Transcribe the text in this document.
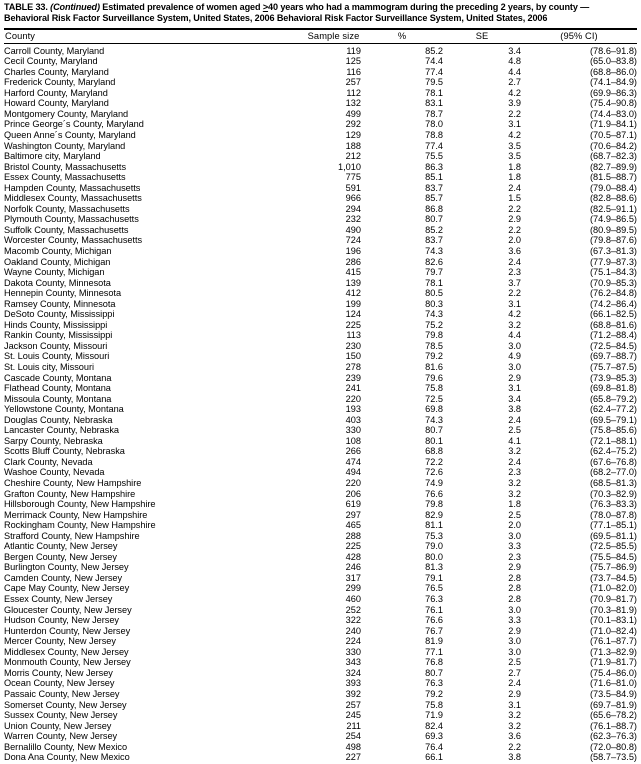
TABLE 33. (Continued) Estimated prevalence of women aged ≥40 years who had a mammogram during the preceding 2 years, by county — Behavioral Risk Factor Surveillance System, United States, 2006 Behavioral Risk Factor Surveillance System, United States, 2006
County	Sample size	%	SE	(95% CI)
Carroll County, Maryland	119	85.2	3.4	(78.6–91.8)
Cecil County, Maryland	125	74.4	4.8	(65.0–83.8)
Charles County, Maryland	116	77.4	4.4	(68.8–86.0)
Frederick County, Maryland	257	79.5	2.7	(74.1–84.9)
Harford County, Maryland	112	78.1	4.2	(69.9–86.3)
Howard County, Maryland	132	83.1	3.9	(75.4–90.8)
Montgomery County, Maryland	499	78.7	2.2	(74.4–83.0)
Prince George´s County, Maryland	292	78.0	3.1	(71.9–84.1)
Queen Anne´s County, Maryland	129	78.8	4.2	(70.5–87.1)
Washington County, Maryland	188	77.4	3.5	(70.6–84.2)
Baltimore city, Maryland	212	75.5	3.5	(68.7–82.3)
Bristol County, Massachusetts	1,010	86.3	1.8	(82.7–89.9)
Essex County, Massachusetts	775	85.1	1.8	(81.5–88.7)
Hampden County, Massachusetts	591	83.7	2.4	(79.0–88.4)
Middlesex County, Massachusetts	966	85.7	1.5	(82.8–88.6)
Norfolk County, Massachusetts	294	86.8	2.2	(82.5–91.1)
Plymouth County, Massachusetts	232	80.7	2.9	(74.9–86.5)
Suffolk County, Massachusetts	490	85.2	2.2	(80.9–89.5)
Worcester County, Massachusetts	724	83.7	2.0	(79.8–87.6)
Macomb County, Michigan	196	74.3	3.6	(67.3–81.3)
Oakland County, Michigan	286	82.6	2.4	(77.9–87.3)
Wayne County, Michigan	415	79.7	2.3	(75.1–84.3)
Dakota County, Minnesota	139	78.1	3.7	(70.9–85.3)
Hennepin County, Minnesota	412	80.5	2.2	(76.2–84.8)
Ramsey County, Minnesota	199	80.3	3.1	(74.2–86.4)
DeSoto County, Mississippi	124	74.3	4.2	(66.1–82.5)
Hinds County, Mississippi	225	75.2	3.2	(68.8–81.6)
Rankin County, Mississippi	113	79.8	4.4	(71.2–88.4)
Jackson County, Missouri	230	78.5	3.0	(72.5–84.5)
St. Louis County, Missouri	150	79.2	4.9	(69.7–88.7)
St. Louis city, Missouri	278	81.6	3.0	(75.7–87.5)
Cascade County, Montana	239	79.6	2.9	(73.9–85.3)
Flathead County, Montana	241	75.8	3.1	(69.8–81.8)
Missoula County, Montana	220	72.5	3.4	(65.8–79.2)
Yellowstone County, Montana	193	69.8	3.8	(62.4–77.2)
Douglas County, Nebraska	403	74.3	2.4	(69.5–79.1)
Lancaster County, Nebraska	330	80.7	2.5	(75.8–85.6)
Sarpy County, Nebraska	108	80.1	4.1	(72.1–88.1)
Scotts Bluff County, Nebraska	266	68.8	3.2	(62.4–75.2)
Clark County, Nevada	474	72.2	2.4	(67.6–76.8)
Washoe County, Nevada	494	72.6	2.3	(68.2–77.0)
Cheshire County, New Hampshire	220	74.9	3.2	(68.5–81.3)
Grafton County, New Hampshire	206	76.6	3.2	(70.3–82.9)
Hillsborough County, New Hampshire	619	79.8	1.8	(76.3–83.3)
Merrimack County, New Hampshire	297	82.9	2.5	(78.0–87.8)
Rockingham County, New Hampshire	465	81.1	2.0	(77.1–85.1)
Strafford County, New Hampshire	288	75.3	3.0	(69.5–81.1)
Atlantic County, New Jersey	225	79.0	3.3	(72.5–85.5)
Bergen County, New Jersey	428	80.0	2.3	(75.5–84.5)
Burlington County, New Jersey	246	81.3	2.9	(75.7–86.9)
Camden County, New Jersey	317	79.1	2.8	(73.7–84.5)
Cape May County, New Jersey	299	76.5	2.8	(71.0–82.0)
Essex County, New Jersey	460	76.3	2.8	(70.9–81.7)
Gloucester County, New Jersey	252	76.1	3.0	(70.3–81.9)
Hudson County, New Jersey	322	76.6	3.3	(70.1–83.1)
Hunterdon County, New Jersey	240	76.7	2.9	(71.0–82.4)
Mercer County, New Jersey	224	81.9	3.0	(76.1–87.7)
Middlesex County, New Jersey	330	77.1	3.0	(71.3–82.9)
Monmouth County, New Jersey	343	76.8	2.5	(71.9–81.7)
Morris County, New Jersey	324	80.7	2.7	(75.4–86.0)
Ocean County, New Jersey	393	76.3	2.4	(71.6–81.0)
Passaic County, New Jersey	392	79.2	2.9	(73.5–84.9)
Somerset County, New Jersey	257	75.8	3.1	(69.7–81.9)
Sussex County, New Jersey	245	71.9	3.2	(65.6–78.2)
Union County, New Jersey	211	82.4	3.2	(76.1–88.7)
Warren County, New Jersey	254	69.3	3.6	(62.3–76.3)
Bernalillo County, New Mexico	498	76.4	2.2	(72.0–80.8)
Dona Ana County, New Mexico	227	66.1	3.8	(58.7–73.5)
